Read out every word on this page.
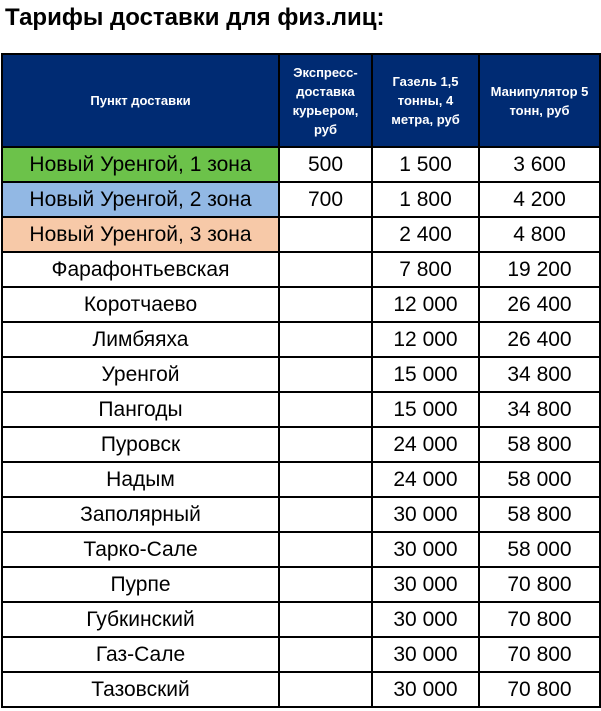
Тарифы доставки для физ.лиц:
Пункт доставки	Экспресс-доставка курьером, руб	Газель 1,5 тонны, 4 метра, руб	Манипулятор 5 тонн, руб

Новый Уренгой, 1 зона	500	1 500	3 600
Новый Уренгой, 2 зона	700	1 800	4 200
Новый Уренгой, 3 зона		2 400	4 800
Фарафонтьевская		7 800	19 200
Коротчаево		12 000	26 400
Лимбяяха		12 000	26 400
Уренгой		15 000	34 800
Пангоды		15 000	34 800
Пуровск		24 000	58 800
Надым		24 000	58 000
Заполярный		30 000	58 800
Тарко-Сале		30 000	58 000
Пурпе		30 000	70 800
Губкинский		30 000	70 800
Газ-Сале		30 000	70 800
Тазовский		30 000	70 800
